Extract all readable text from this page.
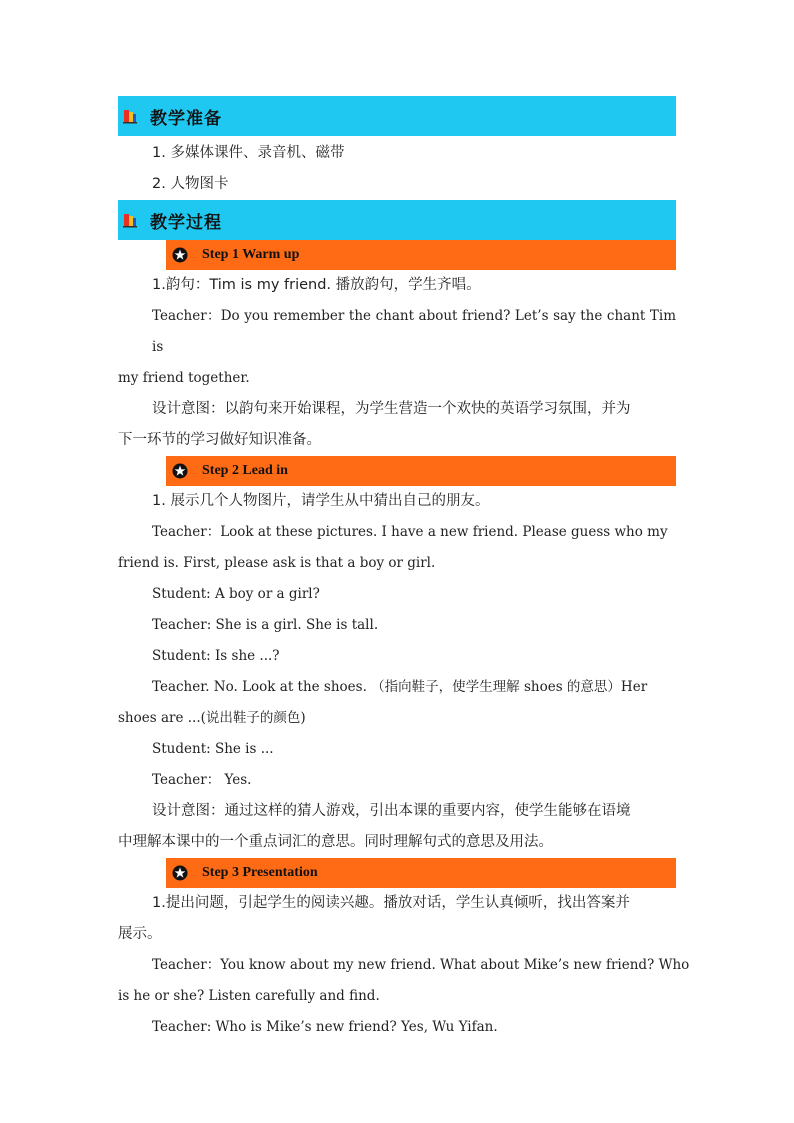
教学准备
1. 多媒体课件、录音机、磁带
2. 人物图卡
教学过程
Step 1 Warm up
1.韵句：Tim is my friend. 播放韵句，学生齐唱。
Teacher：Do you remember the chant about friend? Let’s say the chant Tim is
my friend together.
设计意图：以韵句来开始课程，为学生营造一个欢快的英语学习氛围，并为
下一环节的学习做好知识准备。
Step 2 Lead in
1. 展示几个人物图片，请学生从中猜出自己的朋友。
Teacher：Look at these pictures. I have a new friend. Please guess who my
friend is. First, please ask is that a boy or girl.
Student: A boy or a girl?
Teacher: She is a girl. She is tall.
Student: Is she ...?
Teacher. No. Look at the shoes. （指向鞋子，使学生理解 shoes 的意思）Her
shoes are ...(说出鞋子的颜色)
Student: She is ...
Teacher： Yes.
设计意图：通过这样的猜人游戏，引出本课的重要内容，使学生能够在语境
中理解本课中的一个重点词汇的意思。同时理解句式的意思及用法。
Step 3 Presentation
1.提出问题，引起学生的阅读兴趣。播放对话，学生认真倾听，找出答案并
展示。
Teacher：You know about my new friend. What about Mike’s new friend? Who
is he or she? Listen carefully and find.
Teacher: Who is Mike’s new friend? Yes, Wu Yifan.
